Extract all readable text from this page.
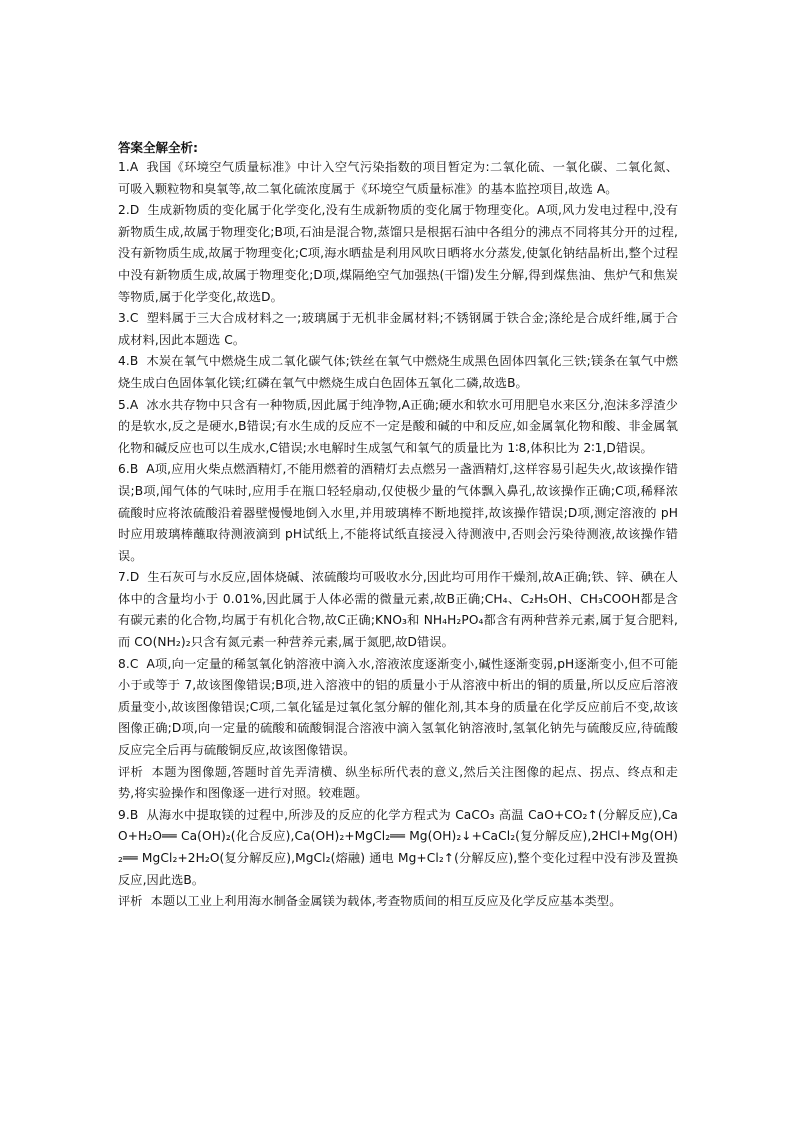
答案全解全析:
1.A 我国《环境空气质量标准》中计入空气污染指数的项目暂定为:二氧化硫、一氧化碳、二氧化氮、可吸入颗粒物和臭氧等,故二氧化硫浓度属于《环境空气质量标准》的基本监控项目,故选 A。
2.D 生成新物质的变化属于化学变化,没有生成新物质的变化属于物理变化。A项,风力发电过程中,没有新物质生成,故属于物理变化;B项,石油是混合物,蒸馏只是根据石油中各组分的沸点不同将其分开的过程,没有新物质生成,故属于物理变化;C项,海水晒盐是利用风吹日晒将水分蒸发,使氯化钠结晶析出,整个过程中没有新物质生成,故属于物理变化;D项,煤隔绝空气加强热(干馏)发生分解,得到煤焦油、焦炉气和焦炭等物质,属于化学变化,故选D。
3.C 塑料属于三大合成材料之一;玻璃属于无机非金属材料;不锈钢属于铁合金;涤纶是合成纤维,属于合成材料,因此本题选 C。
4.B 木炭在氧气中燃烧生成二氧化碳气体;铁丝在氧气中燃烧生成黑色固体四氧化三铁;镁条在氧气中燃烧生成白色固体氧化镁;红磷在氧气中燃烧生成白色固体五氧化二磷,故选B。
5.A 冰水共存物中只含有一种物质,因此属于纯净物,A正确;硬水和软水可用肥皂水来区分,泡沫多浮渣少的是软水,反之是硬水,B错误;有水生成的反应不一定是酸和碱的中和反应,如金属氧化物和酸、非金属氧化物和碱反应也可以生成水,C错误;水电解时生成氢气和氧气的质量比为 1∶8,体积比为 2∶1,D错误。
6.B A项,应用火柴点燃酒精灯,不能用燃着的酒精灯去点燃另一盏酒精灯,这样容易引起失火,故该操作错误;B项,闻气体的气味时,应用手在瓶口轻轻扇动,仅使极少量的气体飘入鼻孔,故该操作正确;C项,稀释浓硫酸时应将浓硫酸沿着器壁慢慢地倒入水里,并用玻璃棒不断地搅拌,故该操作错误;D项,测定溶液的 pH时应用玻璃棒蘸取待测液滴到 pH试纸上,不能将试纸直接浸入待测液中,否则会污染待测液,故该操作错误。
7.D 生石灰可与水反应,固体烧碱、浓硫酸均可吸收水分,因此均可用作干燥剂,故A正确;铁、锌、碘在人体中的含量均小于 0.01%,因此属于人体必需的微量元素,故B正确;CH₄、C₂H₅OH、CH₃COOH都是含有碳元素的化合物,均属于有机化合物,故C正确;KNO₃和 NH₄H₂PO₄都含有两种营养元素,属于复合肥料,而 CO(NH₂)₂只含有氮元素一种营养元素,属于氮肥,故D错误。
8.C A项,向一定量的稀氢氧化钠溶液中滴入水,溶液浓度逐渐变小,碱性逐渐变弱,pH逐渐变小,但不可能小于或等于 7,故该图像错误;B项,进入溶液中的铝的质量小于从溶液中析出的铜的质量,所以反应后溶液质量变小,故该图像错误;C项,二氧化锰是过氧化氢分解的催化剂,其本身的质量在化学反应前后不变,故该图像正确;D项,向一定量的硫酸和硫酸铜混合溶液中滴入氢氧化钠溶液时,氢氧化钠先与硫酸反应,待硫酸反应完全后再与硫酸铜反应,故该图像错误。
评析 本题为图像题,答题时首先弄清横、纵坐标所代表的意义,然后关注图像的起点、拐点、终点和走势,将实验操作和图像逐一进行对照。较难题。
9.B 从海水中提取镁的过程中,所涉及的反应的化学方程式为 CaCO₃ 高温 CaO+CO₂↑(分解反应),CaO+H₂O══ Ca(OH)₂(化合反应),Ca(OH)₂+MgCl₂══ Mg(OH)₂↓+CaCl₂(复分解反应),2HCl+Mg(OH)₂══ MgCl₂+2H₂O(复分解反应),MgCl₂(熔融) 通电 Mg+Cl₂↑(分解反应),整个变化过程中没有涉及置换反应,因此选B。
评析 本题以工业上利用海水制备金属镁为载体,考查物质间的相互反应及化学反应基本类型。
